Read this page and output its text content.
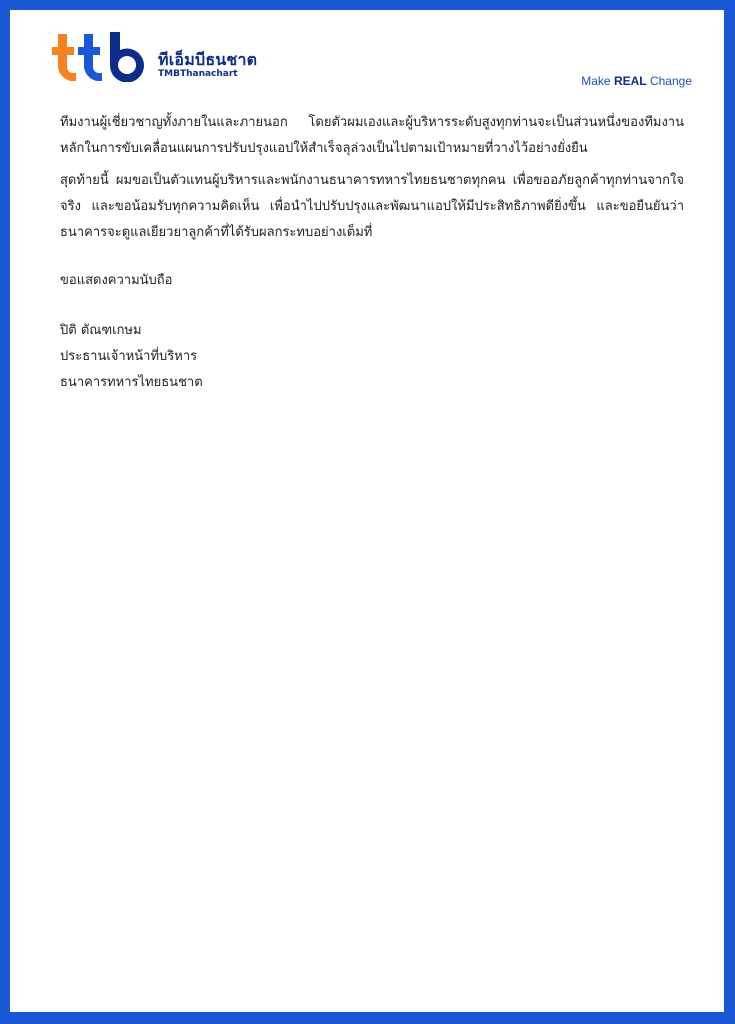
ทีเอ็มบีธนชาต
TMBThanachart	Make REAL Change

ทีมงานผู้เชี่ยวชาญทั้งภายในและภายนอก โดยตัวผมเองและผู้บริหารระดับสูงทุกท่านจะเป็นส่วนหนึ่งของทีมงานหลักในการขับเคลื่อนแผนการปรับปรุงแอปให้สำเร็จลุล่วงเป็นไปตามเป้าหมายที่วางไว้อย่างยั่งยืน

สุดท้ายนี้ ผมขอเป็นตัวแทนผู้บริหารและพนักงานธนาคารทหารไทยธนชาตทุกคน เพื่อขออภัยลูกค้าทุกท่านจากใจจริง และขอน้อมรับทุกความคิดเห็น เพื่อนำไปปรับปรุงและพัฒนาแอปให้มีประสิทธิภาพดียิ่งขึ้น และขอยืนยันว่าธนาคารจะดูแลเยียวยาลูกค้าที่ได้รับผลกระทบอย่างเต็มที่

ขอแสดงความนับถือ
ปิติ ตัณฑเกษม
ประธานเจ้าหน้าที่บริหาร
ธนาคารทหารไทยธนชาต
